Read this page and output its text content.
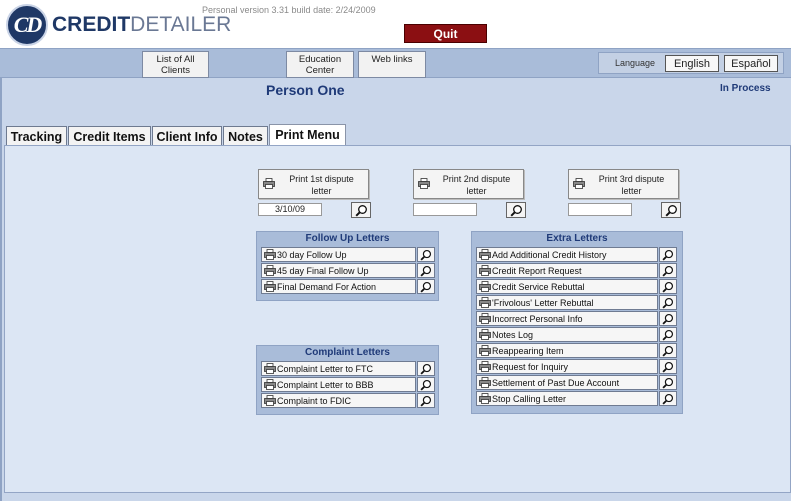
CD CREDITDETAILER
Personal version 3.31 build date: 2/24/2009
Quit
List of All
Clients
Education
Center
Web links	Language	English	Español
Person One	In Process
Tracking Credit Items Client Info Notes Print Menu
Print 1st dispute
letter
3/10/09
Print 2nd dispute
letter
Print 3rd dispute
letter
Follow Up Letters
30 day Follow Up
45 day Final Follow Up
Final Demand For Action
Complaint Letters
Complaint Letter to FTC
Complaint Letter to BBB
Complaint to FDIC
Extra Letters
Add Additional Credit History
Credit Report Request
Credit Service Rebuttal
'Frivolous' Letter Rebuttal
Incorrect Personal Info
Notes Log
Reappearing Item
Request for Inquiry
Settlement of Past Due Account
Stop Calling Letter
